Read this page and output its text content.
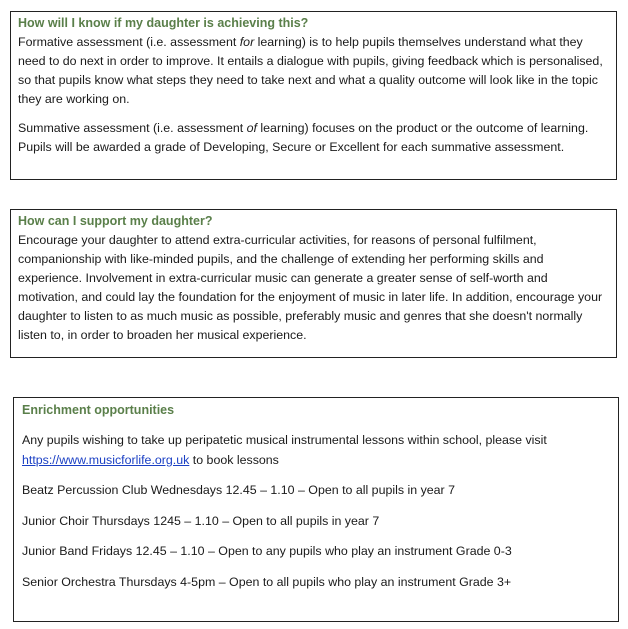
How will I know if my daughter is achieving this?

Formative assessment (i.e. assessment for learning) is to help pupils themselves understand what they need to do next in order to improve. It entails a dialogue with pupils, giving feedback which is personalised, so that pupils know what steps they need to take next and what a quality outcome will look like in the topic they are working on.

Summative assessment (i.e. assessment of learning) focuses on the product or the outcome of learning. Pupils will be awarded a grade of Developing, Secure or Excellent for each summative assessment.

How can I support my daughter?

Encourage your daughter to attend extra-curricular activities, for reasons of personal fulfilment, companionship with like-minded pupils, and the challenge of extending her performing skills and experience. Involvement in extra-curricular music can generate a greater sense of self-worth and motivation, and could lay the foundation for the enjoyment of music in later life. In addition, encourage your daughter to listen to as much music as possible, preferably music and genres that she doesn't normally listen to, in order to broaden her musical experience.

Enrichment opportunities

Any pupils wishing to take up peripatetic musical instrumental lessons within school, please visit https://www.musicforlife.org.uk to book lessons

Beatz Percussion Club Wednesdays 12.45 – 1.10 – Open to all pupils in year 7

Junior Choir Thursdays 1245 – 1.10 – Open to all pupils in year 7

Junior Band Fridays 12.45 – 1.10 – Open to any pupils who play an instrument Grade 0-3

Senior Orchestra Thursdays 4-5pm – Open to all pupils who play an instrument Grade 3+
